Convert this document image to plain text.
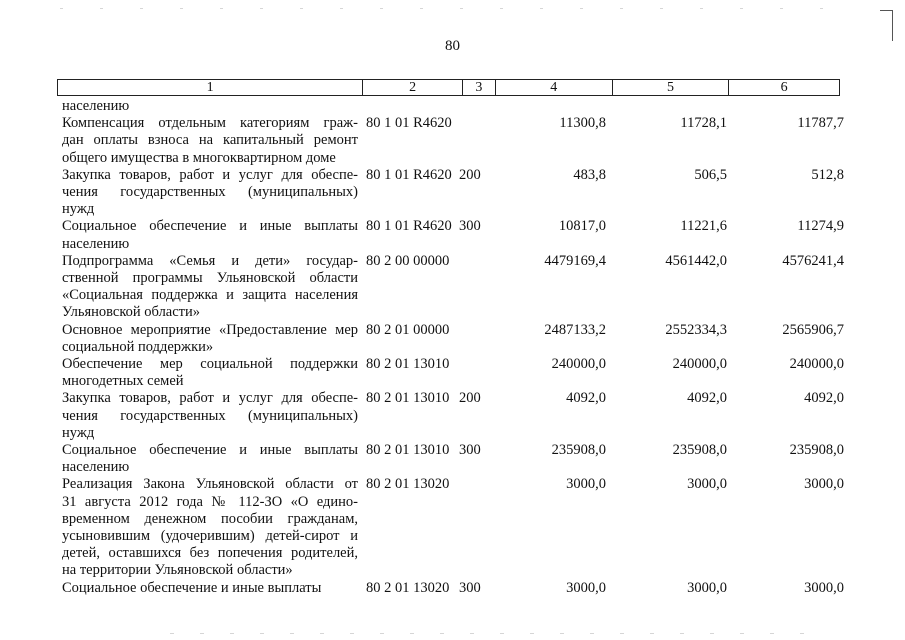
80
1	2	3	4	5	6
населению
Компенсация отдельным категориям граж-
дан оплаты взноса на капитальный ремонт
общего имущества в многоквартирном доме
80 1 01 R4620	11300,8	11728,1	11787,7
Закупка товаров, работ и услуг для обеспе-
чения государственных (муниципальных)
нужд
80 1 01 R4620 200	483,8	506,5	512,8
Социальное обеспечение и иные выплаты
населению
80 1 01 R4620 300	10817,0	11221,6	11274,9
Подпрограмма «Семья и дети» государ-
ственной программы Ульяновской области
«Социальная поддержка и защита населения
Ульяновской области»
80 2 00 00000	4479169,4	4561442,0	4576241,4
Основное мероприятие «Предоставление мер
социальной поддержки»
80 2 01 00000	2487133,2	2552334,3	2565906,7
Обеспечение мер социальной поддержки
многодетных семей
80 2 01 13010	240000,0	240000,0	240000,0
Закупка товаров, работ и услуг для обеспе-
чения государственных (муниципальных)
нужд
80 2 01 13010 200	4092,0	4092,0	4092,0
Социальное обеспечение и иные выплаты
населению
80 2 01 13010 300	235908,0	235908,0	235908,0
Реализация Закона Ульяновской области от
31 августа 2012 года № 112-ЗО «О едино-
временном денежном пособии гражданам,
усыновившим (удочерившим) детей-сирот и
детей, оставшихся без попечения родителей,
на территории Ульяновской области»
80 2 01 13020	3000,0	3000,0	3000,0
Социальное обеспечение и иные выплаты	80 2 01 13020 300	3000,0	3000,0	3000,0
